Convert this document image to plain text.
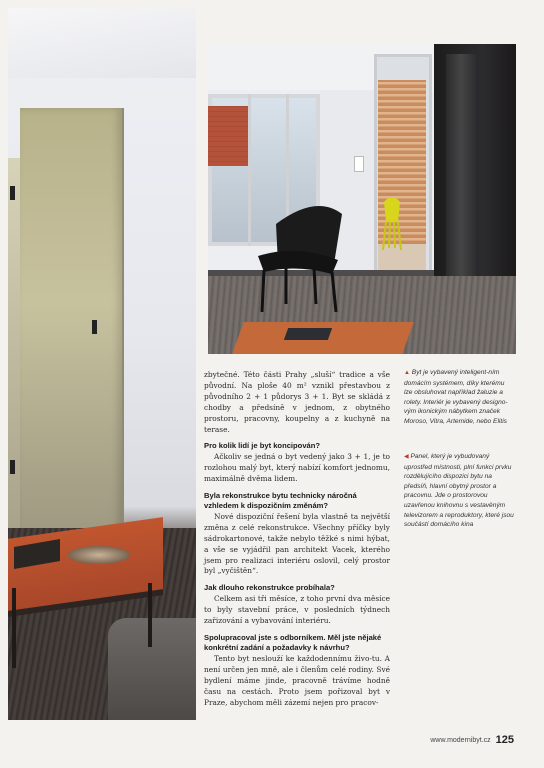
▲ Byt je vybavený inteligent-ním domácím systémem, díky kterému lze obsluhovat například žaluzie a rolety. Interiér je vybavený designo-vým ikonickým nábytkem značek Moroso, Vitra, Artemide, nebo Elitis
◀ Panel, který je vybudovaný uprostřed místnosti, plní funkci prvku rozdělujícího dispozici bytu na předsíň, hlavní obytný prostor a pracovnu. Jde o prostorovou uzavřenou knihovnu s vestavěným televizorem a reproduktory, které jsou součástí domácího kina

zbytečné. Této části Prahy „sluší“ tradice a vše původní. Na ploše 40 m² vznikl přestavbou z původního 2 + 1 půdorys 3 + 1. Byt se skládá z chodby a předsíně v jednom, z obytného prostoru, pracovny, koupelny a z kuchyně na terase.

Pro kolik lidí je byt koncipován?

Ačkoliv se jedná o byt vedený jako 3 + 1, je to rozlohou malý byt, který nabízí komfort jednomu, maximálně dvěma lidem.

Byla rekonstrukce bytu technicky náročná vzhledem k dispozičním změnám?

Nové dispoziční řešení byla vlastně ta největší změna z celé rekonstrukce. Všechny příčky byly sádrokartonové, takže nebylo těžké s nimi hýbat, a vše se vyjádřil pan architekt Vacek, kterého jsem pro realizaci interiéru oslovil, celý prostor byl „vyčištěn“.

Jak dlouho rekonstrukce probíhala?

Celkem asi tři měsíce, z toho první dva měsíce to byly stavební práce, v posledních týdnech zařizování a vybavování interiéru.

Spolupracoval jste s odborníkem. Měl jste nějaké konkrétní zadání a požadavky k návrhu?

Tento byt neslouží ke každodennímu živo-tu. A není určen jen mně, ale i členům celé rodiny. Své bydlení máme jinde, pracovně trávíme hodně času na cestách. Proto jsem pořizoval byt v Praze, abychom měli zázemí nejen pro pracov-

www.modernibyt.cz 125
